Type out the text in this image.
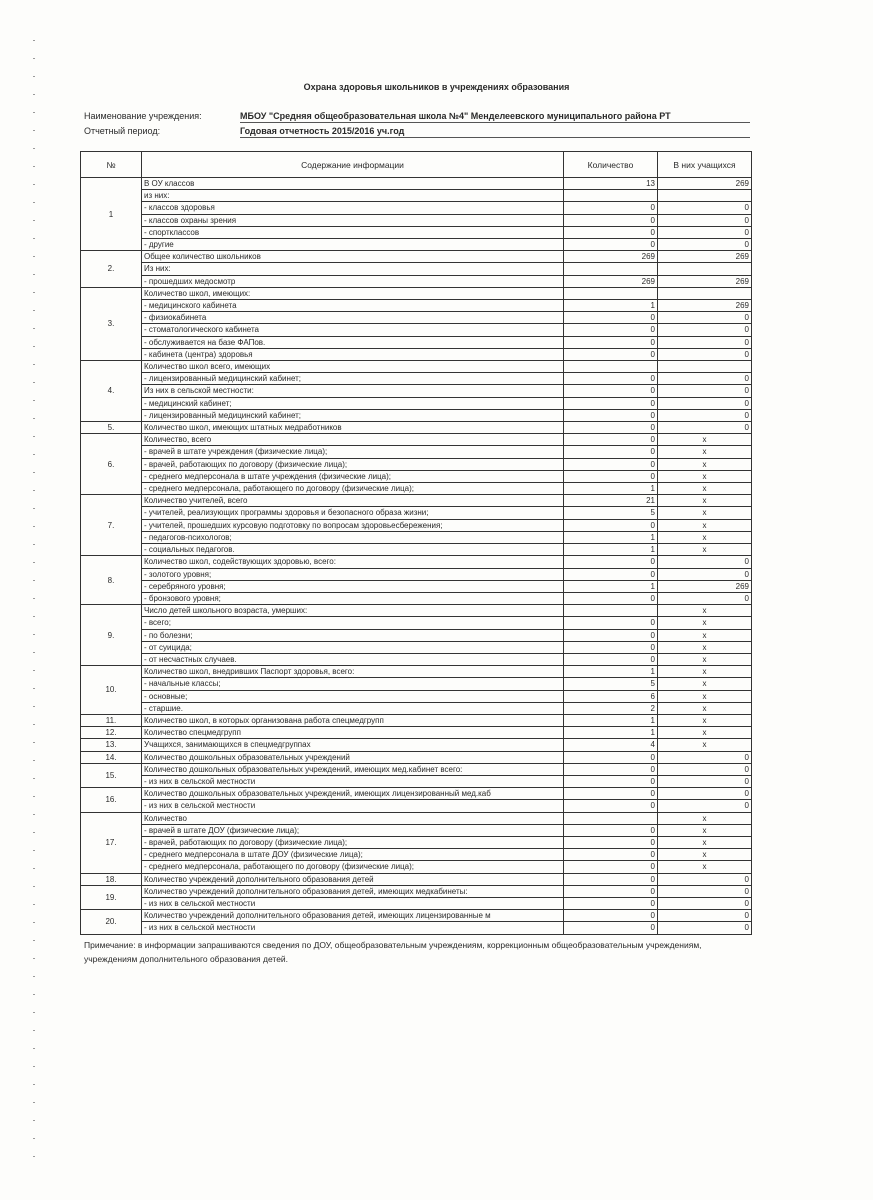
Охрана здоровья школьников в учреждениях образования
Наименование учреждения:	МБОУ "Средняя общеобразовательная школа №4" Менделеевского муниципального района РТ
Отчетный период:	Годовая отчетность 2015/2016 уч.год
№	Содержание информации	Количество	В них учащихся
1	В ОУ классов	13	269
	из них:		
	- классов здоровья	0	0
	- классов охраны зрения	0	0
	- спортклассов	0	0
	- другие	0	0
2.	Общее количество школьников	269	269
	Из них:		
	- прошедших медосмотр	269	269
3.	Количество школ, имеющих:		
	- медицинского кабинета	1	269
	- физиокабинета	0	0
	- стоматологического кабинета	0	0
	- обслуживается на базе ФАПов.	0	0
	- кабинета (центра) здоровья	0	0
4.	Количество школ всего, имеющих		
	- лицензированный медицинский кабинет;	0	0
	Из них в сельской местности:	0	0
	- медицинский кабинет;	0	0
	- лицензированный медицинский кабинет;	0	0
5.	Количество школ, имеющих штатных медработников	0	0
6.	Количество, всего	0	x
	- врачей в штате учреждения (физические лица);	0	x
	- врачей, работающих по договору (физические лица);	0	x
	- среднего медперсонала в штате учреждения (физические лица);	0	x
	- среднего медперсонала, работающего по договору (физические лица);	1	x
7.	Количество учителей, всего	21	x
	- учителей, реализующих программы здоровья и безопасного образа жизни;	5	x
	- учителей, прошедших курсовую подготовку по вопросам здоровьесбережения;	0	x
	- педагогов-психологов;	1	x
	- социальных педагогов.	1	x
8.	Количество школ, содействующих здоровью, всего:	0	0
	- золотого уровня;	0	0
	- серебряного уровня;	1	269
	- бронзового уровня;	0	0
9.	Число детей школьного возраста, умерших:		x
	- всего;	0	x
	- по болезни;	0	x
	- от суицида;	0	x
	- от несчастных случаев.	0	x
10.	Количество школ, внедривших Паспорт здоровья, всего:	1	x
	- начальные классы;	5	x
	- основные;	6	x
	- старшие.	2	x
11.	Количество школ, в которых организована работа спецмедгрупп	1	x
12.	Количество спецмедгрупп	1	x
13.	Учащихся, занимающихся в спецмедгруппах	4	x
14.	Количество дошкольных образовательных учреждений	0	0
15.	Количество дошкольных образовательных учреждений, имеющих мед.кабинет всего:	0	0
	- из них в сельской местности	0	0
16.	Количество дошкольных образовательных учреждений, имеющих лицензированный мед.каб	0	0
	- из них в сельской местности	0	0
17.	Количество		x
	- врачей в штате ДОУ (физические лица);	0	x
	- врачей, работающих по договору (физические лица);	0	x
	- среднего медперсонала в штате ДОУ (физические лица);	0	x
	- среднего медперсонала, работающего по договору (физические лица);	0	x
18.	Количество учреждений дополнительного образования детей	0	0
19.	Количество учреждений дополнительного образования детей, имеющих медкабинеты:	0	0
	- из них в сельской местности	0	0
20.	Количество учреждений дополнительного образования детей, имеющих лицензированные м	0	0
	- из них в сельской местности	0	0
Примечание: в информации запрашиваются сведения по ДОУ, общеобразовательным учреждениям, коррекционным общеобразовательным учреждениям, учреждениям дополнительного образования детей.
